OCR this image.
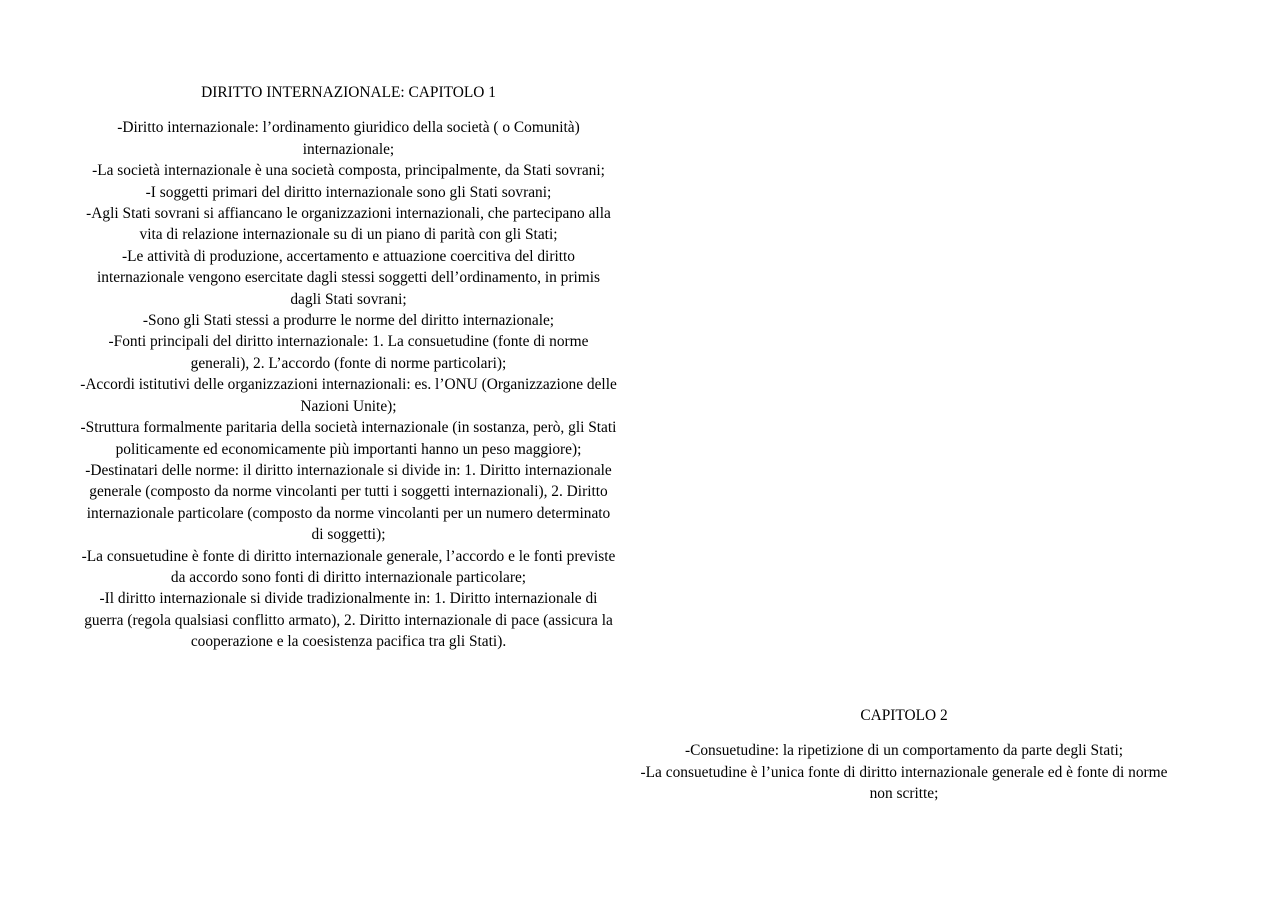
DIRITTO INTERNAZIONALE: CAPITOLO 1

-Diritto internazionale: l’ordinamento giuridico della società ( o Comunità) internazionale;

-La società internazionale è una società composta, principalmente, da Stati sovrani;

-I soggetti primari del diritto internazionale sono gli Stati sovrani;

-Agli Stati sovrani si affiancano le organizzazioni internazionali, che partecipano alla vita di relazione internazionale su di un piano di parità con gli Stati;

-Le attività di produzione, accertamento e attuazione coercitiva del diritto internazionale vengono esercitate dagli stessi soggetti dell’ordinamento, in primis dagli Stati sovrani;

-Sono gli Stati stessi a produrre le norme del diritto internazionale;

-Fonti principali del diritto internazionale: 1. La consuetudine (fonte di norme generali), 2. L’accordo (fonte di norme particolari);

-Accordi istitutivi delle organizzazioni internazionali: es. l’ONU (Organizzazione delle Nazioni Unite);

-Struttura formalmente paritaria della società internazionale (in sostanza, però, gli Stati politicamente ed economicamente più importanti hanno un peso maggiore);

-Destinatari delle norme: il diritto internazionale si divide in: 1. Diritto internazionale generale (composto da norme vincolanti per tutti i soggetti internazionali), 2. Diritto internazionale particolare (composto da norme vincolanti per un numero determinato di soggetti);

-La consuetudine è fonte di diritto internazionale generale, l’accordo e le fonti previste da accordo sono fonti di diritto internazionale particolare;

-Il diritto internazionale si divide tradizionalmente in: 1. Diritto internazionale di guerra (regola qualsiasi conflitto armato), 2. Diritto internazionale di pace (assicura la cooperazione e la coesistenza pacifica tra gli Stati).

CAPITOLO 2

-Consuetudine: la ripetizione di un comportamento da parte degli Stati;

-La consuetudine è l’unica fonte di diritto internazionale generale ed è fonte di norme non scritte;
